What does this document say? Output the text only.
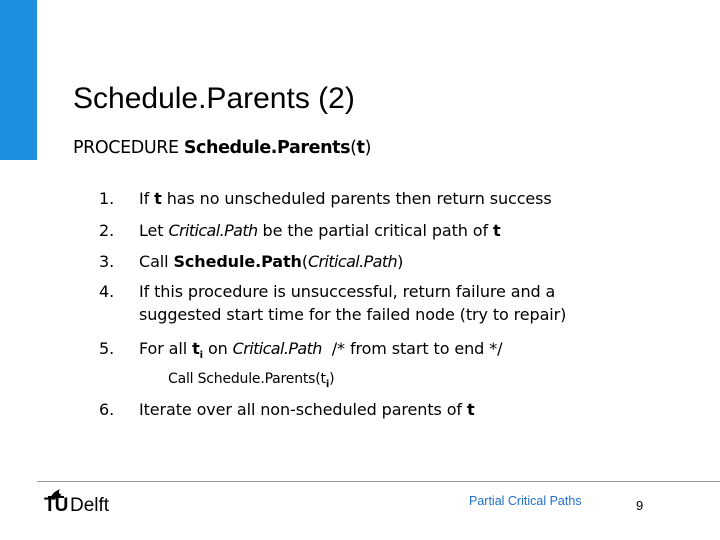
Schedule.Parents (2)
PROCEDURE Schedule.Parents(t)
1. If t has no unscheduled parents then return success
2. Let Critical.Path be the partial critical path of t
3. Call Schedule.Path(Critical.Path)
4. If this procedure is unsuccessful, return failure and a
suggested start time for the failed node (try to repair)
5. For all $t_i$ on Critical.Path  /* from start to end */
Call $Schedule.Parents(t_i)$
6. Iterate over all non-scheduled parents of t
TU Delft	Partial Critical Paths	9
